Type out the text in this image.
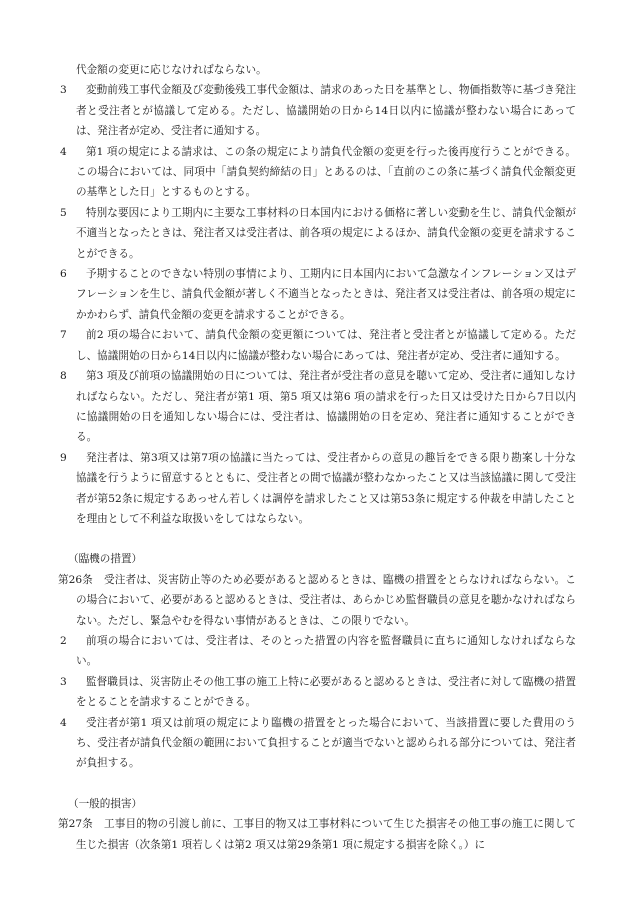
代金額の変更に応じなければならない。
3	変動前残工事代金額及び変動後残工事代金額は、請求のあった日を基準とし、物価指数等に基づき発注者と受注者とが協議して定める。ただし、協議開始の日から14日以内に協議が整わない場合にあっては、発注者が定め、受注者に通知する。
4	第1 項の規定による請求は、この条の規定により請負代金額の変更を行った後再度行うことができる。この場合においては、同項中「請負契約締結の日」とあるのは、「直前のこの条に基づく請負代金額変更の基準とした日」とするものとする。
5	特別な要因により工期内に主要な工事材料の日本国内における価格に著しい変動を生じ、請負代金額が不適当となったときは、発注者又は受注者は、前各項の規定によるほか、請負代金額の変更を請求することができる。
6	予期することのできない特別の事情により、工期内に日本国内において急激なインフレーション又はデフレーションを生じ、請負代金額が著しく不適当となったときは、発注者又は受注者は、前各項の規定にかかわらず、請負代金額の変更を請求することができる。
7	前2 項の場合において、請負代金額の変更額については、発注者と受注者とが協議して定める。ただし、協議開始の日から14日以内に協議が整わない場合にあっては、発注者が定め、受注者に通知する。
8	第3 項及び前項の協議開始の日については、発注者が受注者の意見を聴いて定め、受注者に通知しなければならない。ただし、発注者が第1 項、第5 項又は第6 項の請求を行った日又は受けた日から7日以内に協議開始の日を通知しない場合には、受注者は、協議開始の日を定め、発注者に通知することができる。
9	発注者は、第3項又は第7項の協議に当たっては、受注者からの意見の趣旨をできる限り勘案し十分な協議を行うように留意するとともに、受注者との間で協議が整わなかったこと又は当該協議に関して受注者が第52条に規定するあっせん若しくは調停を請求したこと又は第53条に規定する仲裁を申請したことを理由として不利益な取扱いをしてはならない。
（臨機の措置）
第26条	受注者は、災害防止等のため必要があると認めるときは、臨機の措置をとらなければならない。この場合において、必要があると認めるときは、受注者は、あらかじめ監督職員の意見を聴かなければならない。ただし、緊急やむを得ない事情があるときは、この限りでない。
2	前項の場合においては、受注者は、そのとった措置の内容を監督職員に直ちに通知しなければならない。
3	監督職員は、災害防止その他工事の施工上特に必要があると認めるときは、受注者に対して臨機の措置をとることを請求することができる。
4	受注者が第1 項又は前項の規定により臨機の措置をとった場合において、当該措置に要した費用のうち、受注者が請負代金額の範囲において負担することが適当でないと認められる部分については、発注者が負担する。
（一般的損害）
第27条	工事目的物の引渡し前に、工事目的物又は工事材料について生じた損害その他工事の施工に関して生じた損害（次条第1 項若しくは第2 項又は第29条第1 項に規定する損害を除く。）に
